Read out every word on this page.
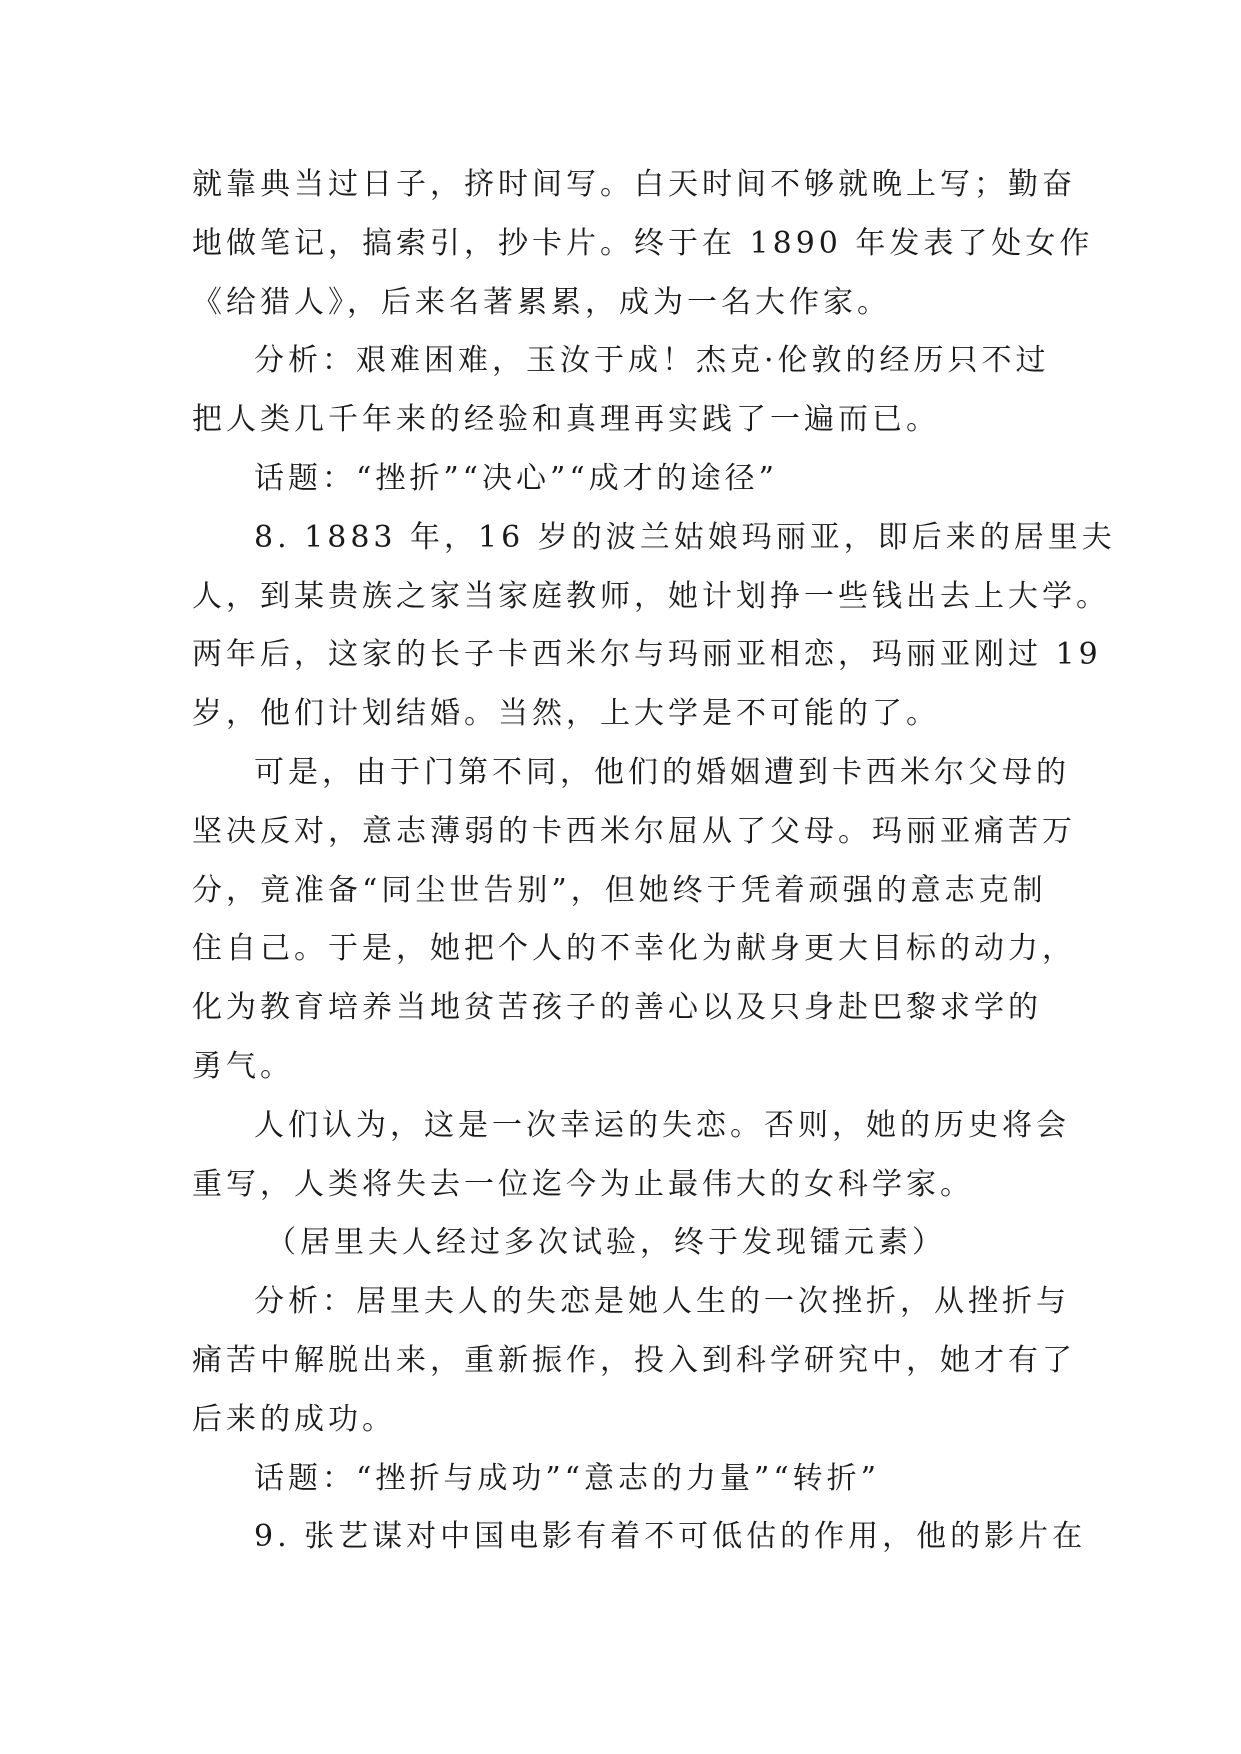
就靠典当过日子，挤时间写。白天时间不够就晚上写；勤奋
地做笔记，搞索引，抄卡片。终于在 1890 年发表了处女作
《给猎人》，后来名著累累，成为一名大作家。
分析：艰难困难，玉汝于成！杰克·伦敦的经历只不过
把人类几千年来的经验和真理再实践了一遍而已。
话题：“挫折”“决心”“成才的途径”
8. 1883 年，16 岁的波兰姑娘玛丽亚，即后来的居里夫
人，到某贵族之家当家庭教师，她计划挣一些钱出去上大学。
两年后，这家的长子卡西米尔与玛丽亚相恋，玛丽亚刚过 19
岁，他们计划结婚。当然，上大学是不可能的了。
可是，由于门第不同，他们的婚姻遭到卡西米尔父母的
坚决反对，意志薄弱的卡西米尔屈从了父母。玛丽亚痛苦万
分，竟准备“同尘世告别”，但她终于凭着顽强的意志克制
住自己。于是，她把个人的不幸化为献身更大目标的动力，
化为教育培养当地贫苦孩子的善心以及只身赴巴黎求学的
勇气。
人们认为，这是一次幸运的失恋。否则，她的历史将会
重写，人类将失去一位迄今为止最伟大的女科学家。
（居里夫人经过多次试验，终于发现镭元素）
分析：居里夫人的失恋是她人生的一次挫折，从挫折与
痛苦中解脱出来，重新振作，投入到科学研究中，她才有了
后来的成功。
话题：“挫折与成功”“意志的力量”“转折”
9. 张艺谋对中国电影有着不可低估的作用，他的影片在
